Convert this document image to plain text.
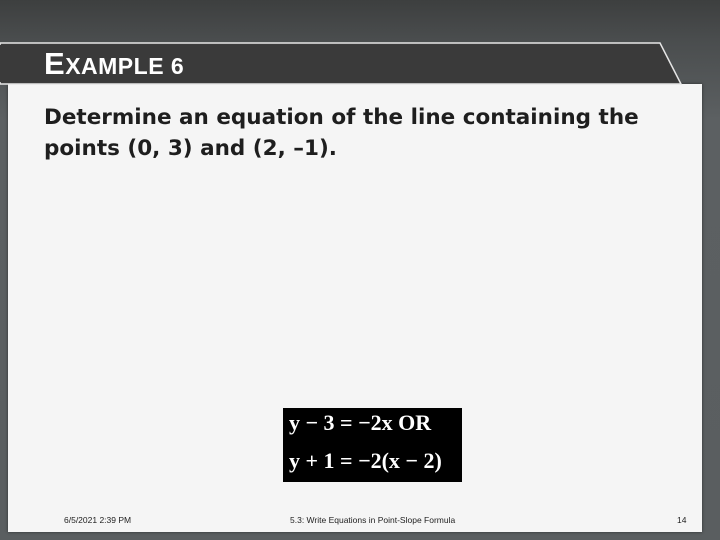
EXAMPLE 6

Determine an equation of the line containing the points (0, 3) and (2, –1).

y − 3 = −2x OR
y + 1 = −2(x − 2)
6/5/2021 2:39 PM	5.3: Write Equations in Point-Slope Formula	14
